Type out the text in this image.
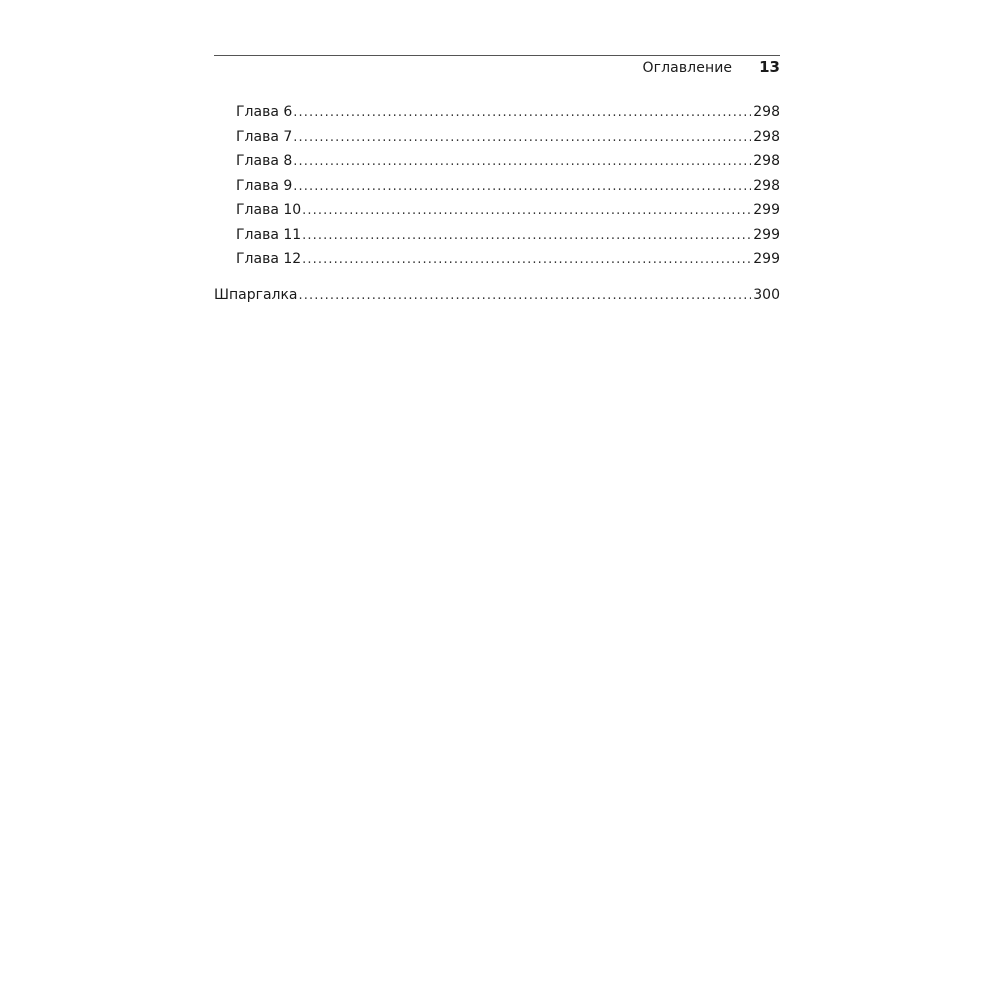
Оглавление 13
Глава 6 .....	298
Глава 7 .....	298
Глава 8 .....	298
Глава 9 .....	298
Глава 10 .....	299
Глава 11 .....	299
Глава 12 .....	299
Шпаргалка .....	300
